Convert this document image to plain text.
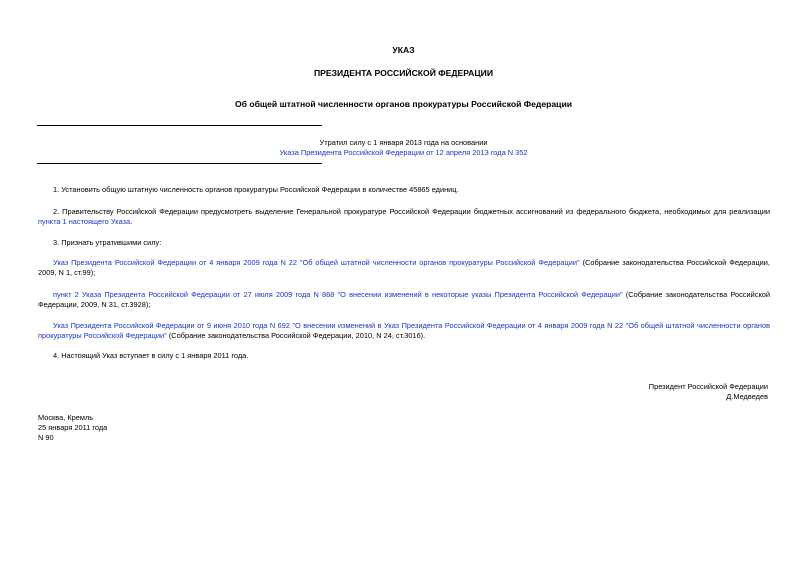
УКАЗ
ПРЕЗИДЕНТА РОССИЙСКОЙ ФЕДЕРАЦИИ
Об общей штатной численности органов прокуратуры Российской Федерации
Утратил силу с 1 января 2013 года на основании
Указа Президента Российской Федерации от 12 апреля 2013 года N 352
1. Установить общую штатную численность органов прокуратуры Российской Федерации в количестве 45865 единиц.
2. Правительству Российской Федерации предусмотреть выделение Генеральной прокуратуре Российской Федерации бюджетных ассигнований из федерального бюджета, необходимых для реализации пункта 1 настоящего Указа.
3. Признать утратившими силу:
Указ Президента Российской Федерации от 4 января 2009 года N 22 "Об общей штатной численности органов прокуратуры Российской Федерации" (Собрание законодательства Российской Федерации, 2009, N 1, ст.99);
пункт 2 Указа Президента Российской Федерации от 27 июля 2009 года N 868 "О внесении изменений в некоторые указы Президента Российской Федерации" (Собрание законодательства Российской Федерации, 2009, N 31, ст.3928);
Указ Президента Российской Федерации от 9 июня 2010 года N 692 "О внесении изменений в Указ Президента Российской Федерации от 4 января 2009 года N 22 "Об общей штатной численности органов прокуратуры Российской Федерации" (Собрание законодательства Российской Федерации, 2010, N 24, ст.3016).
4. Настоящий Указ вступает в силу с 1 января 2011 года.
Президент Российской Федерации
Д.Медведев
Москва, Кремль
25 января 2011 года
N 90
